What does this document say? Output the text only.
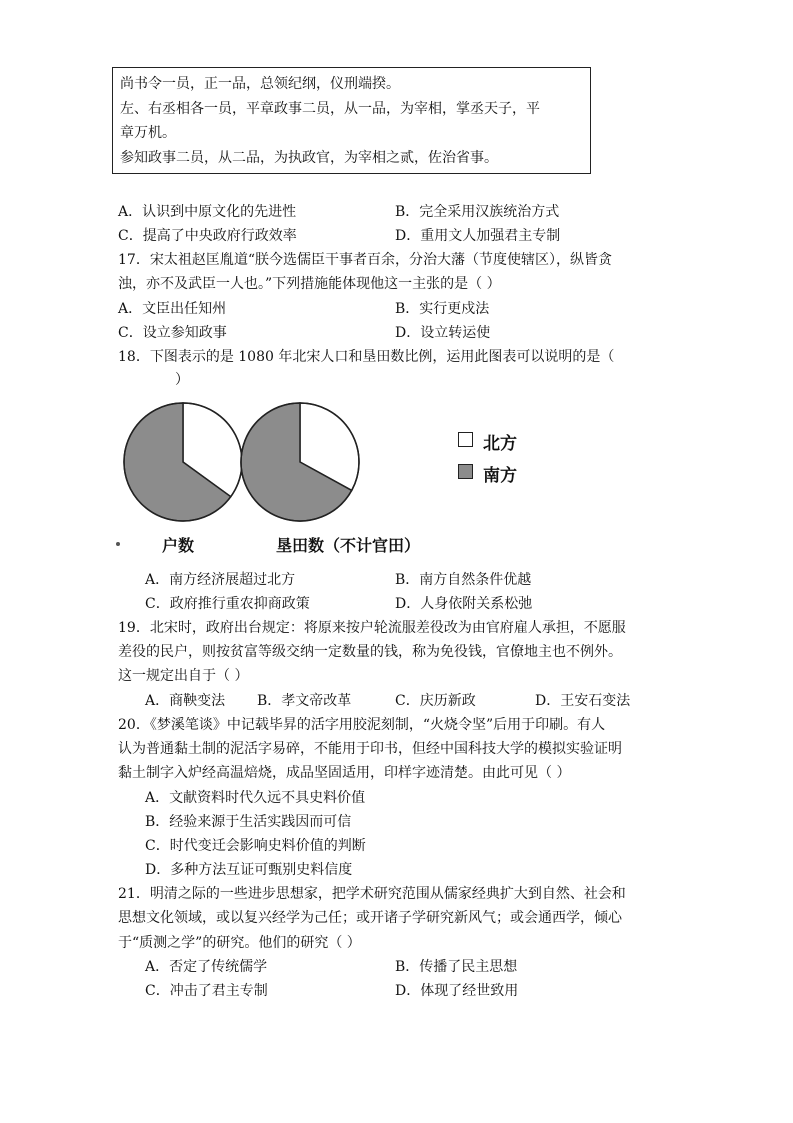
尚书令一员，正一品，总领纪纲，仪刑端揆。
左、右丞相各一员，平章政事二员，从一品，为宰相，掌丞天子，平
章万机。
参知政事二员，从二品，为执政官，为宰相之贰，佐治省事。
A．认识到中原文化的先进性	B．完全采用汉族统治方式
C．提高了中央政府行政效率	D．重用文人加强君主专制
17．宋太祖赵匡胤道“朕今选儒臣干事者百余，分治大藩（节度使辖区），纵皆贪
浊，亦不及武臣一人也。”下列措施能体现他这一主张的是（ ）
A．文臣出任知州	B．实行更戍法
C．设立参知政事	D．设立转运使
18．下图表示的是 1080 年北宋人口和垦田数比例，运用此图表可以说明的是（
）
北方
南方
户数	垦田数（不计官田）
A．南方经济展超过北方	B．南方自然条件优越
C．政府推行重农抑商政策	D．人身依附关系松弛
19．北宋时，政府出台规定：将原来按户轮流服差役改为由官府雇人承担，不愿服
差役的民户，则按贫富等级交纳一定数量的钱，称为免役钱，官僚地主也不例外。
这一规定出自于（ ）
A．商鞅变法 B．孝文帝改革	C．庆历新政	D．王安石变法
20．《梦溪笔谈》中记载毕昇的活字用胶泥刻制，“火烧令坚”后用于印刷。有人
认为普通黏土制的泥活字易碎，不能用于印书，但经中国科技大学的模拟实验证明
黏土制字入炉经高温焙烧，成品坚固适用，印样字迹清楚。由此可见（ ）
A．文献资料时代久远不具史料价值
B．经验来源于生活实践因而可信
C．时代变迁会影响史料价值的判断
D．多种方法互证可甄别史料信度
21．明清之际的一些进步思想家，把学术研究范围从儒家经典扩大到自然、社会和
思想文化领域，或以复兴经学为己任；或开诸子学研究新风气；或会通西学，倾心
于“质测之学”的研究。他们的研究（ ）
A．否定了传统儒学	B．传播了民主思想
C．冲击了君主专制	D．体现了经世致用
